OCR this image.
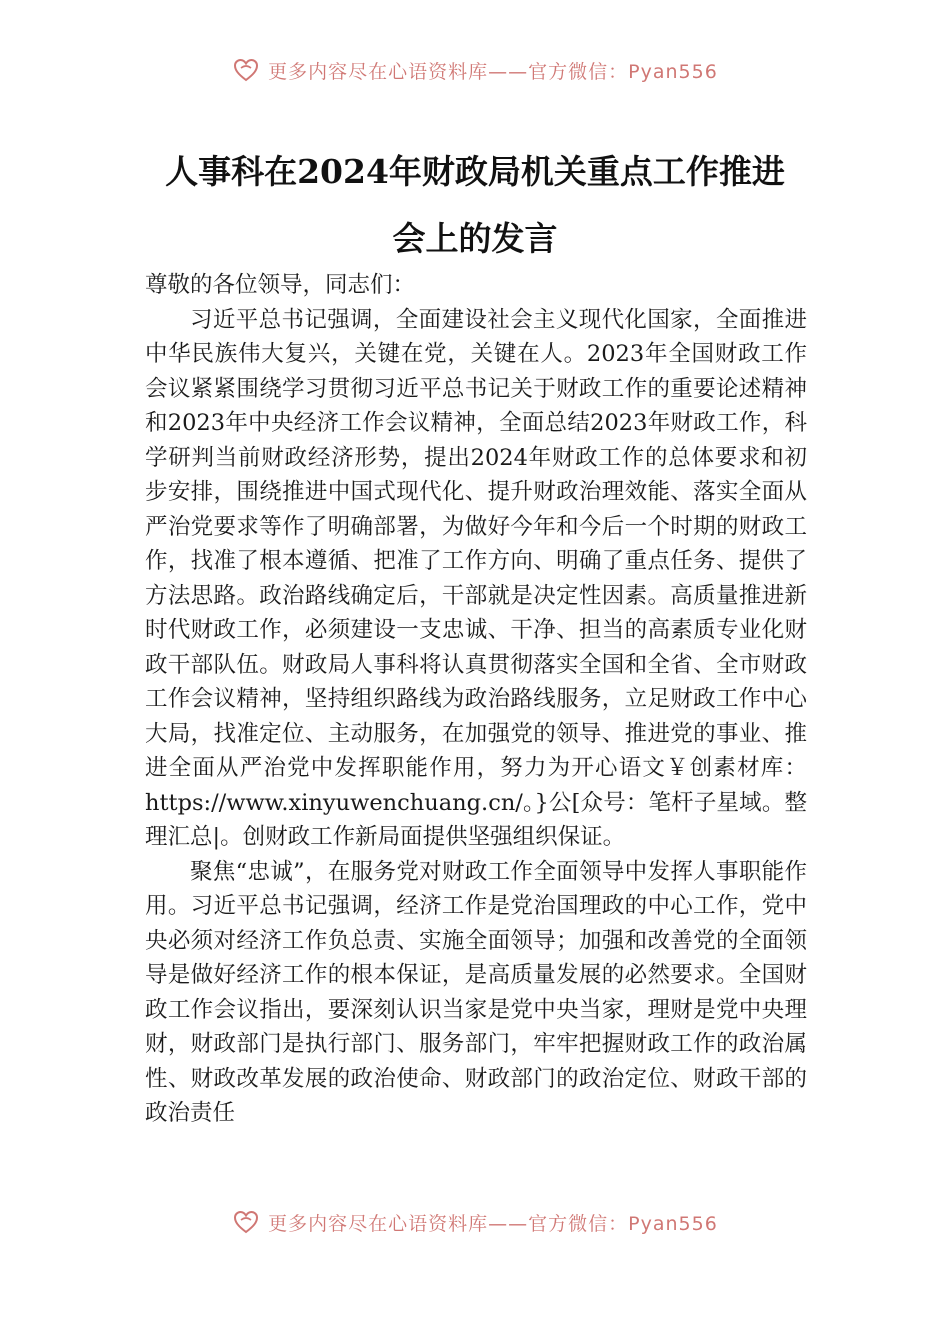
更多内容尽在心语资料库——官方微信：Pyan556
人事科在2024年财政局机关重点工作推进
会上的发言

尊敬的各位领导，同志们：

习近平总书记强调，全面建设社会主义现代化国家，全面推进中华民族伟大复兴，关键在党，关键在人。2023年全国财政工作会议紧紧围绕学习贯彻习近平总书记关于财政工作的重要论述精神和2023年中央经济工作会议精神，全面总结2023年财政工作，科学研判当前财政经济形势，提出2024年财政工作的总体要求和初步安排，围绕推进中国式现代化、提升财政治理效能、落实全面从严治党要求等作了明确部署，为做好今年和今后一个时期的财政工作，找准了根本遵循、把准了工作方向、明确了重点任务、提供了方法思路。政治路线确定后，干部就是决定性因素。高质量推进新时代财政工作，必须建设一支忠诚、干净、担当的高素质专业化财政干部队伍。财政局人事科将认真贯彻落实全国和全省、全市财政工作会议精神，坚持组织路线为政治路线服务，立足财政工作中心大局，找准定位、主动服务，在加强党的领导、推进党的事业、推进全面从严治党中发挥职能作用，努力为开心语文￥创素材库：https://www.xinyuwenchuang.cn/。}公[众号：笔杆子星域。整理汇总|。创财政工作新局面提供坚强组织保证。

聚焦“忠诚”，在服务党对财政工作全面领导中发挥人事职能作用。习近平总书记强调，经济工作是党治国理政的中心工作，党中央必须对经济工作负总责、实施全面领导；加强和改善党的全面领导是做好经济工作的根本保证，是高质量发展的必然要求。全国财政工作会议指出，要深刻认识当家是党中央当家，理财是党中央理财，财政部门是执行部门、服务部门，牢牢把握财政工作的政治属性、财政改革发展的政治使命、财政部门的政治定位、财政干部的政治责任

更多内容尽在心语资料库——官方微信：Pyan556
